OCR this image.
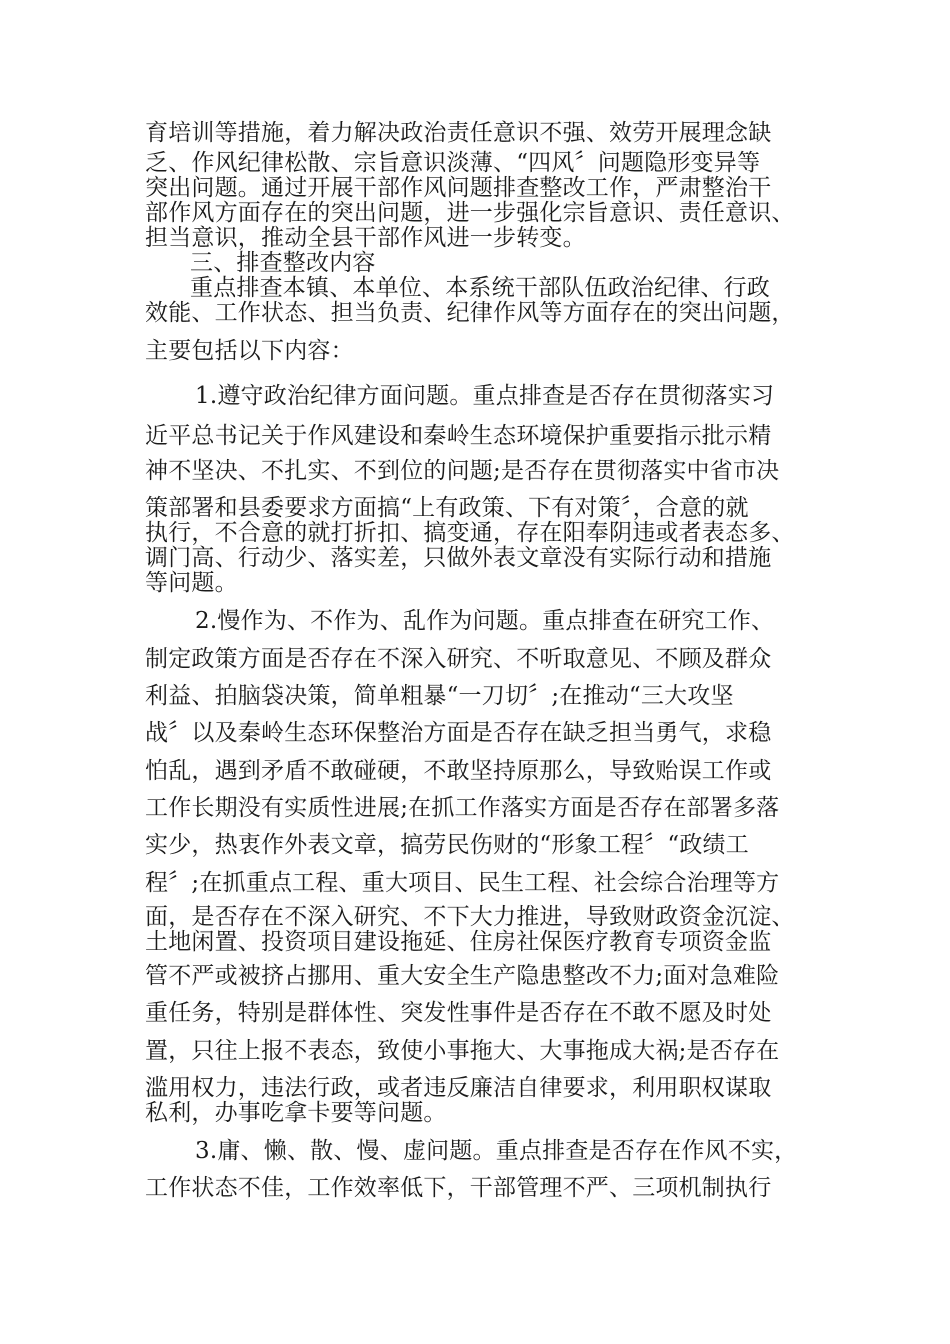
育培训等措施，着力解决政治责任意识不强、效劳开展理念缺

乏、作风纪律松散、宗旨意识淡薄、“四风〞问题隐形变异等

突出问题。通过开展干部作风问题排查整改工作，严肃整治干

部作风方面存在的突出问题，进一步强化宗旨意识、责任意识、

担当意识，推动全县干部作风进一步转变。

三、排查整改内容

重点排查本镇、本单位、本系统干部队伍政治纪律、行政

效能、工作状态、担当负责、纪律作风等方面存在的突出问题，

主要包括以下内容：

1.遵守政治纪律方面问题。重点排查是否存在贯彻落实习

近平总书记关于作风建设和秦岭生态环境保护重要指示批示精

神不坚决、不扎实、不到位的问题;是否存在贯彻落实中省市决

策部署和县委要求方面搞“上有政策、下有对策〞，合意的就

执行，不合意的就打折扣、搞变通，存在阳奉阴违或者表态多、

调门高、行动少、落实差，只做外表文章没有实际行动和措施

等问题。

2.慢作为、不作为、乱作为问题。重点排查在研究工作、

制定政策方面是否存在不深入研究、不听取意见、不顾及群众

利益、拍脑袋决策，简单粗暴“一刀切〞;在推动“三大攻坚

战〞以及秦岭生态环保整治方面是否存在缺乏担当勇气，求稳

怕乱，遇到矛盾不敢碰硬，不敢坚持原那么，导致贻误工作或

工作长期没有实质性进展;在抓工作落实方面是否存在部署多落

实少，热衷作外表文章，搞劳民伤财的“形象工程〞“政绩工

程〞;在抓重点工程、重大项目、民生工程、社会综合治理等方

面，是否存在不深入研究、不下大力推进，导致财政资金沉淀、

土地闲置、投资项目建设拖延、住房社保医疗教育专项资金监

管不严或被挤占挪用、重大安全生产隐患整改不力;面对急难险

重任务，特别是群体性、突发性事件是否存在不敢不愿及时处

置，只往上报不表态，致使小事拖大、大事拖成大祸;是否存在

滥用权力，违法行政，或者违反廉洁自律要求，利用职权谋取

私利，办事吃拿卡要等问题。

3.庸、懒、散、慢、虚问题。重点排查是否存在作风不实，

工作状态不佳，工作效率低下，干部管理不严、三项机制执行
